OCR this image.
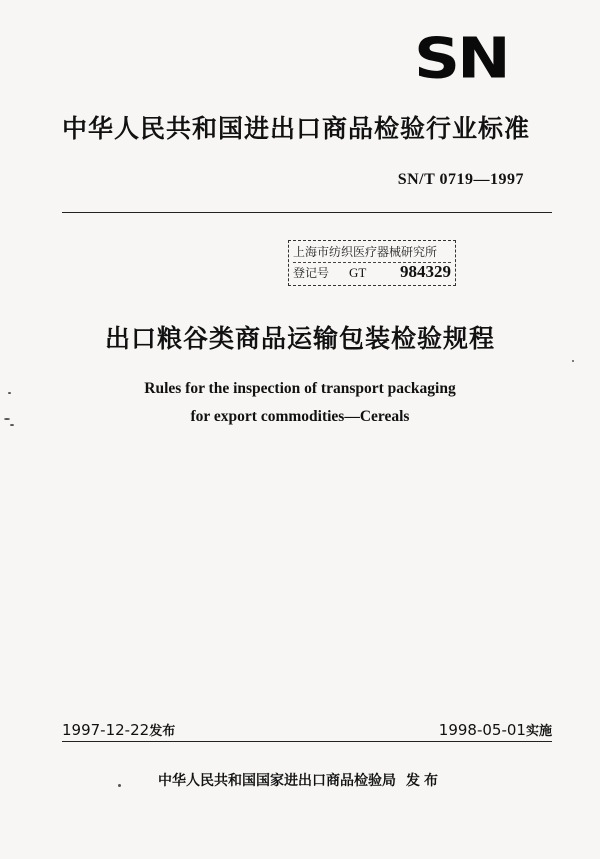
SN
中华人民共和国进出口商品检验行业标准
SN/T 0719—1997
上海市纺织医疗器械研究所
登记号	GT 984329
出口粮谷类商品运输包装检验规程
Rules for the inspection of transport packaging
for export commodities—Cereals
1997-12-22发布	1998-05-01实施
中华人民共和国国家进出口商品检验局 发布
